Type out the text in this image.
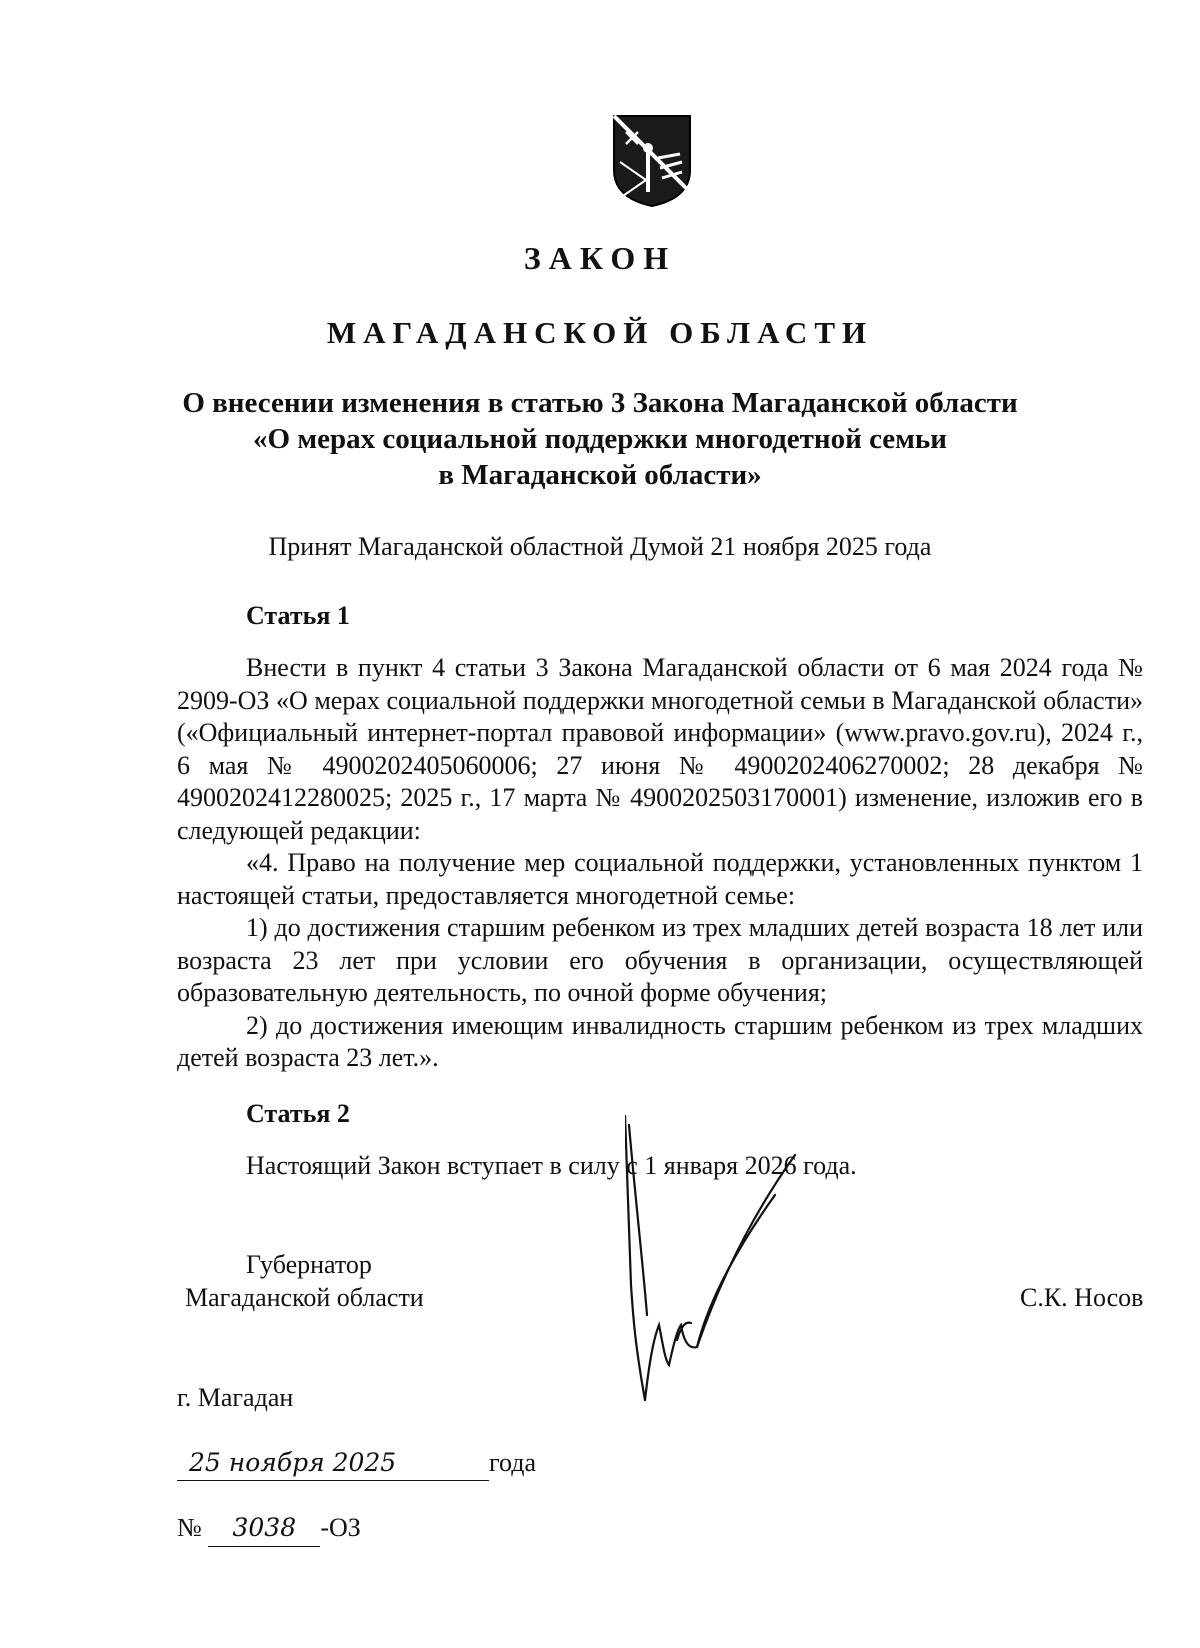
ЗАКОН
МАГАДАНСКОЙ ОБЛАСТИ
О внесении изменения в статью 3 Закона Магаданской области
«О мерах социальной поддержки многодетной семьи
в Магаданской области»
Принят Магаданской областной Думой 21 ноября 2025 года
Статья 1

Внести в пункт 4 статьи 3 Закона Магаданской области от 6 мая 2024 года № 2909-ОЗ «О мерах социальной поддержки многодетной семьи в Магаданской области» («Официальный интернет-портал правовой информации» (www.pravo.gov.ru), 2024 г., 6 мая № 4900202405060006; 27 июня № 4900202406270002; 28 декабря № 4900202412280025; 2025 г., 17 марта № 4900202503170001) изменение, изложив его в следующей редакции:

«4. Право на получение мер социальной поддержки, установленных пунктом 1 настоящей статьи, предоставляется многодетной семье:

1) до достижения старшим ребенком из трех младших детей возраста 18 лет или возраста 23 лет при условии его обучения в организации, осуществляющей образовательную деятельность, по очной форме обучения;

2) до достижения имеющим инвалидность старшим ребенком из трех младших детей возраста 23 лет.».

Статья 2

Настоящий Закон вступает в силу с 1 января 2026 года.

Губернатор
Магаданской области	С.К. Носов
г. Магадан
25 ноября 2025	года
№ 3038 -ОЗ
